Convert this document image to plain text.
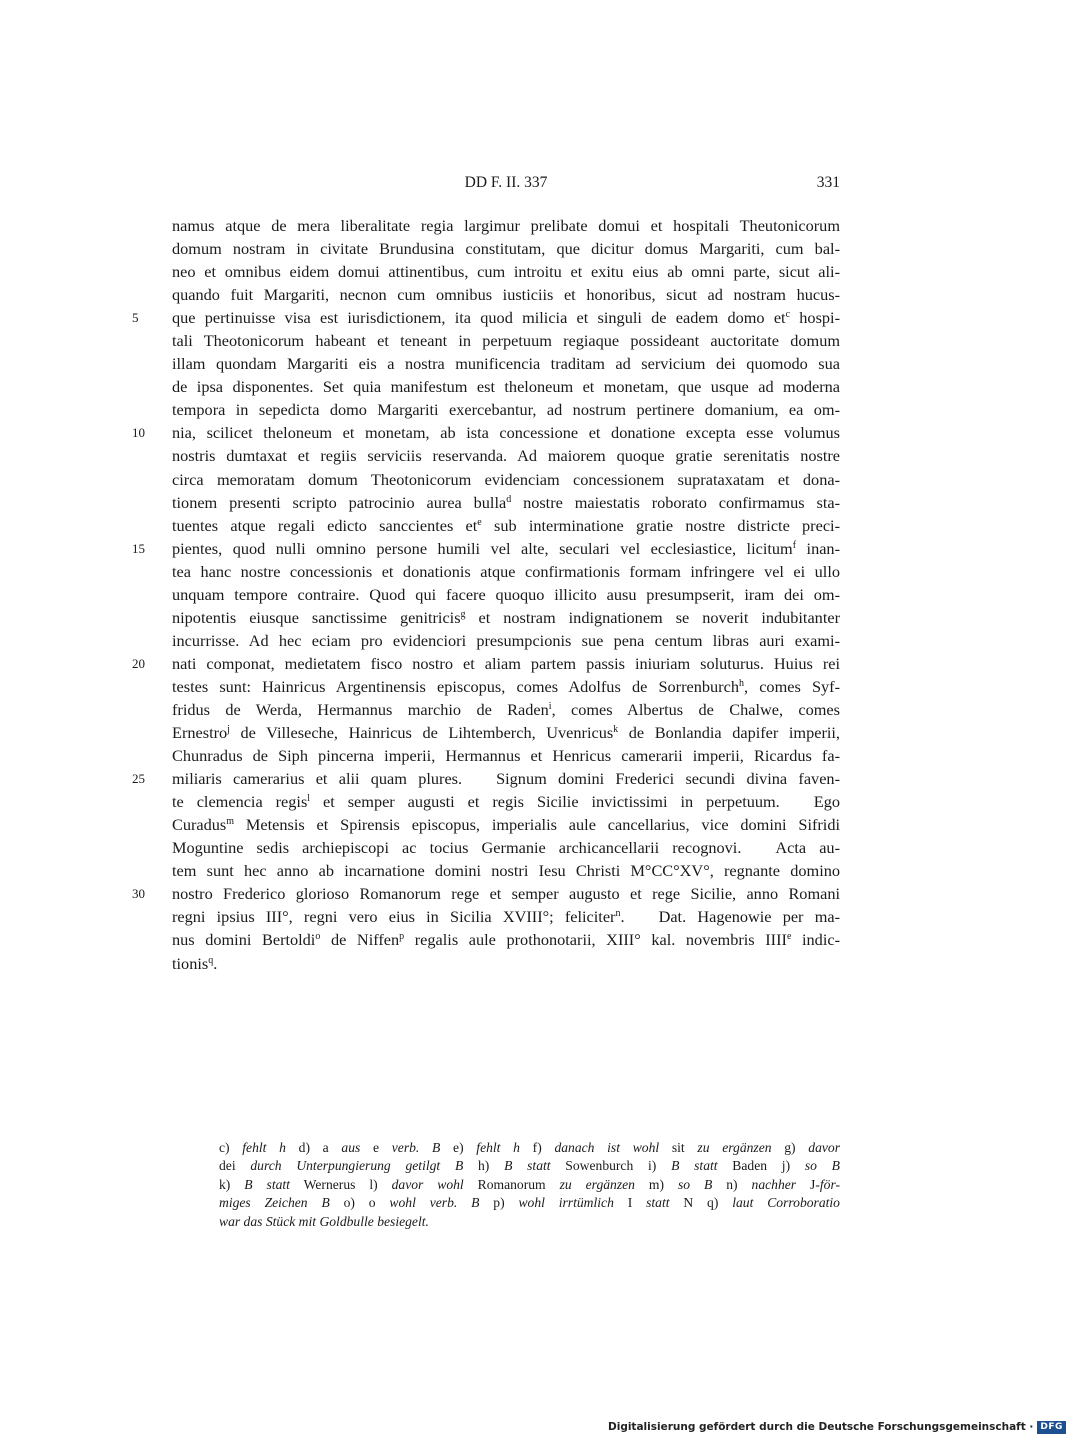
DD F. II. 337	331
namus atque de mera liberalitate regia largimur prelibate domui et hospitali Theutonicorum
domum nostram in civitate Brundusina constitutam, que dicitur domus Margariti, cum bal-
neo et omnibus eidem domui attinentibus, cum introitu et exitu eius ab omni parte, sicut ali-
quando fuit Margariti, necnon cum omnibus iusticiis et honoribus, sicut ad nostram hucus-
5	que pertinuisse visa est iurisdictionem, ita quod milicia et singuli de eadem domo $et^c$ hospi-
tali Theotonicorum habeant et teneant in perpetuum regiaque possideant auctoritate domum
illam quondam Margariti eis a nostra munificencia traditam ad servicium dei quomodo sua
de ipsa disponentes. Set quia manifestum est theloneum et monetam, que usque ad moderna
tempora in sepedicta domo Margariti exercebantur, ad nostrum pertinere domanium, ea om-
10 nia, scilicet theloneum et monetam, ab ista concessione et donatione excepta esse volumus
nostris dumtaxat et regiis serviciis reservanda. Ad maiorem quoque gratie serenitatis nostre
circa memoratam domum Theotonicorum evidenciam concessionem suprataxatam et dona-
tionem presenti scripto patrocinio aurea bulla$^d$ nostre maiestatis roborato confirmamus sta-
tuentes atque regali edicto sanccientes $et^e$ sub interminatione gratie nostre districte preci-
15 pientes, quod nulli omnino persone humili vel alte, seculari vel ecclesiastice, licitum$^f$ inan-
tea hanc nostre concessionis et donationis atque confirmationis formam infringere vel ei ullo
unquam tempore contraire. Quod qui facere quoquo illicito ausu presumpserit, iram dei om-
nipotentis eiusque sanctissime genitricis$^g$ et nostram indignationem se noverit indubitanter
incurrisse. Ad hec eciam pro evidenciori presumpcionis sue pena centum libras auri exami-
20 nati componat, medietatem fisco nostro et aliam partem passis iniuriam soluturus. Huius rei
testes sunt: Hainricus Argentinensis episcopus, comes Adolfus de Sorrenburch$^h$, comes Syf-
fridus de Werda, Hermannus marchio de Raden$^i$, comes Albertus de Chalwe, comes
Ernestro$^j$ de Villeseche, Hainricus de Lihtemberch, Uvenricus$^k$ de Bonlandia dapifer imperii,
Chunradus de Siph pincerna imperii, Hermannus et Henricus camerarii imperii, Ricardus fa-
25 miliaris camerarius et alii quam plures. Signum domini Frederici secundi divina faven-
te clemencia regis$^l$ et semper augusti et regis Sicilie invictissimi in perpetuum. Ego
Curadus$^m$ Metensis et Spirensis episcopus, imperialis aule cancellarius, vice domini Sifridi
Moguntine sedis archiepiscopi ac tocius Germanie archicancellarii recognovi. Acta au-
tem sunt hec anno ab incarnatione domini nostri Iesu Christi M°CC°XV°, regnante domino
30 nostro Frederico glorioso Romanorum rege et semper augusto et rege Sicilie, anno Romani
regni ipsius III°, regni vero eius in Sicilia XVIII°; feliciter$^n$. Dat. Hagenowie per ma-
nus domini Bertoldi$^o$ de Niffen$^p$ regalis aule prothonotarii, XIII° kal. novembris IIIIe indic-
tionis$^q$.
c) fehlt h d) a aus e verb. B e) fehlt h f) danach ist wohl sit zu ergänzen g) davor
dei durch Unterpungierung getilgt B h) B statt Sowenburch i) B statt Baden j) so B
k) B statt Wernerus l) davor wohl Romanorum zu ergänzen m) so B n) nachher J-för-
miges Zeichen B o) o wohl verb. B p) wohl irrtümlich I statt N q) laut Corroboratio
war das Stück mit Goldbulle besiegelt.
Digitalisierung gefördert durch die Deutsche Forschungsgemeinschaft · DFG
